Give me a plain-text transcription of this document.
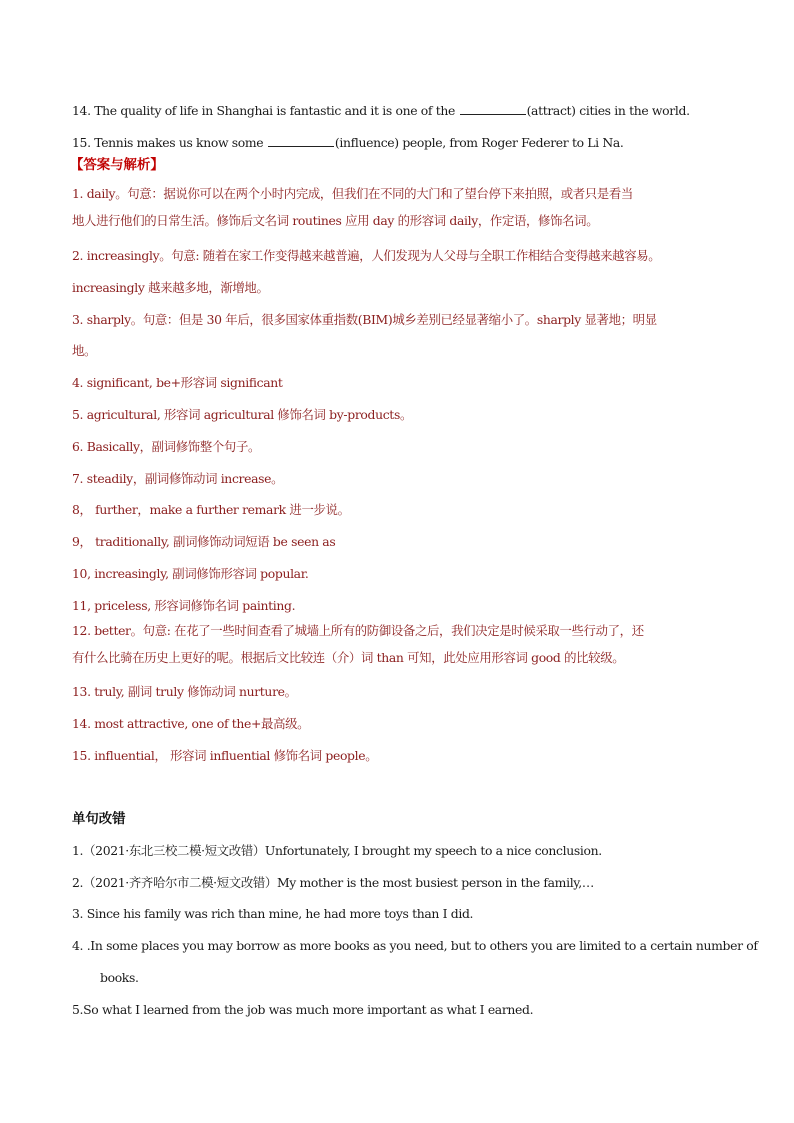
14. The quality of life in Shanghai is fantastic and it is one of the	(attract) cities in the world.
15. Tennis makes us know some	(influence) people, from Roger Federer to Li Na.
【答案与解析】
1. daily。句意：据说你可以在两个小时内完成，但我们在不同的大门和了望台停下来拍照，或者只是看当
地人进行他们的日常生活。修饰后文名词 routines 应用 day 的形容词 daily，作定语，修饰名词。
2. increasingly。句意: 随着在家工作变得越来越普遍，人们发现为人父母与全职工作相结合变得越来越容易。
increasingly 越来越多地，渐增地。
3. sharply。句意：但是 30 年后，很多国家体重指数(BIM)城乡差别已经显著缩小了。sharply 显著地；明显
地。
4. significant, be+形容词 significant
5. agricultural, 形容词 agricultural 修饰名词 by-products。
6. Basically，副词修饰整个句子。
7. steadily，副词修饰动词 increase。
8， further，make a further remark 进一步说。
9， traditionally, 副词修饰动词短语 be seen as
10, increasingly, 副词修饰形容词 popular.
11, priceless, 形容词修饰名词 painting.
12. better。句意: 在花了一些时间查看了城墙上所有的防御设备之后，我们决定是时候采取一些行动了，还
有什么比骑在历史上更好的呢。根据后文比较连（介）词 than 可知，此处应用形容词 good 的比较级。
13. truly, 副词 truly 修饰动词 nurture。
14. most attractive, one of the+最高级。
15. influential， 形容词 influential 修饰名词 people。
单句改错
1.（2021·东北三校二模·短文改错）Unfortunately, I brought my speech to a nice conclusion.
2.（2021·齐齐哈尔市二模·短文改错）My mother is the most busiest person in the family,…
3. Since his family was rich than mine, he had more toys than I did.
4. .In some places you may borrow as more books as you need, but to others you are limited to a certain number of
books.
5.So what I learned from the job was much more important as what I earned.
